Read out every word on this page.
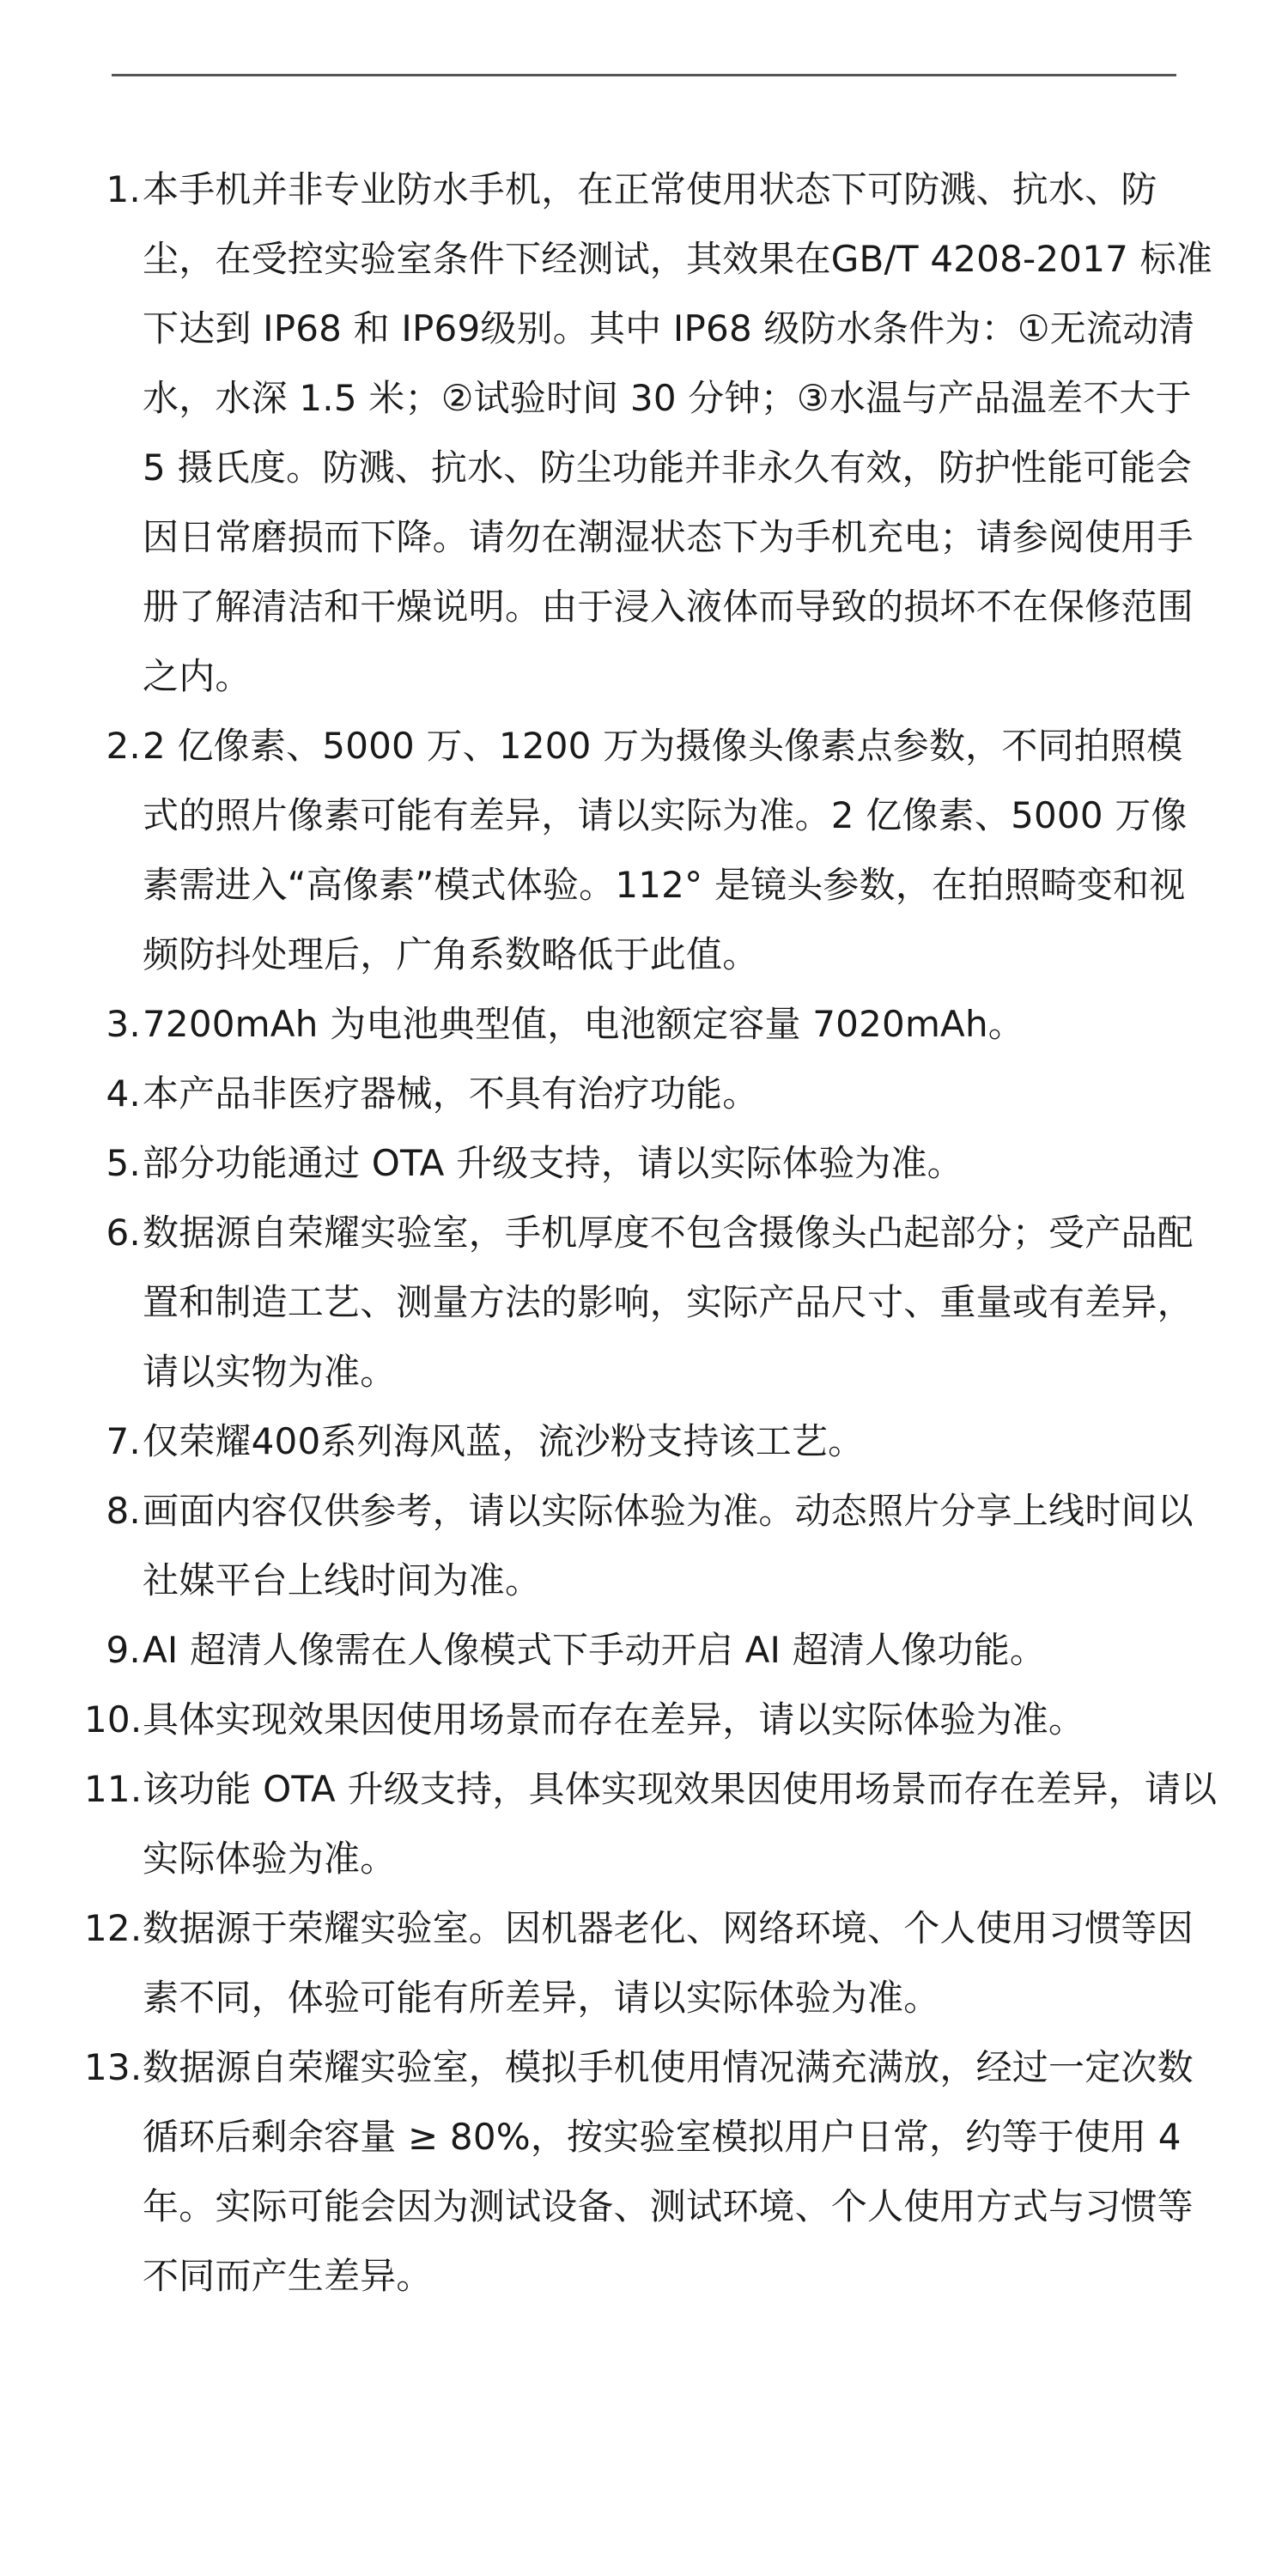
1. 本手机并非专业防水手机，在正常使用状态下可防溅、抗水、防尘，在受控实验室条件下经测试，其效果在GB/T 4208-2017 标准下达到 IP68 和 IP69级别。其中 IP68 级防水条件为：①无流动清水，水深 1.5 米；②试验时间 30 分钟；③水温与产品温差不大于 5 摄氏度。防溅、抗水、防尘功能并非永久有效，防护性能可能会因日常磨损而下降。请勿在潮湿状态下为手机充电；请参阅使用手册了解清洁和干燥说明。由于浸入液体而导致的损坏不在保修范围之内。
2. 2 亿像素、5000 万、1200 万为摄像头像素点参数，不同拍照模式的照片像素可能有差异，请以实际为准。2 亿像素、5000 万像素需进入“高像素”模式体验。112° 是镜头参数，在拍照畸变和视频防抖处理后，广角系数略低于此值。
3. 7200mAh 为电池典型值，电池额定容量 7020mAh。
4. 本产品非医疗器械，不具有治疗功能。
5. 部分功能通过 OTA 升级支持，请以实际体验为准。
6. 数据源自荣耀实验室，手机厚度不包含摄像头凸起部分；受产品配置和制造工艺、测量方法的影响，实际产品尺寸、重量或有差异，请以实物为准。
7. 仅荣耀400系列海风蓝，流沙粉支持该工艺。
8. 画面内容仅供参考，请以实际体验为准。动态照片分享上线时间以社媒平台上线时间为准。
9. AI 超清人像需在人像模式下手动开启 AI 超清人像功能。
10. 具体实现效果因使用场景而存在差异，请以实际体验为准。
11. 该功能 OTA 升级支持，具体实现效果因使用场景而存在差异，请以实际体验为准。
12. 数据源于荣耀实验室。因机器老化、网络环境、个人使用习惯等因素不同，体验可能有所差异，请以实际体验为准。
13. 数据源自荣耀实验室，模拟手机使用情况满充满放，经过一定次数循环后剩余容量 ≥ 80%，按实验室模拟用户日常，约等于使用 4 年。实际可能会因为测试设备、测试环境、个人使用方式与习惯等不同而产生差异。
